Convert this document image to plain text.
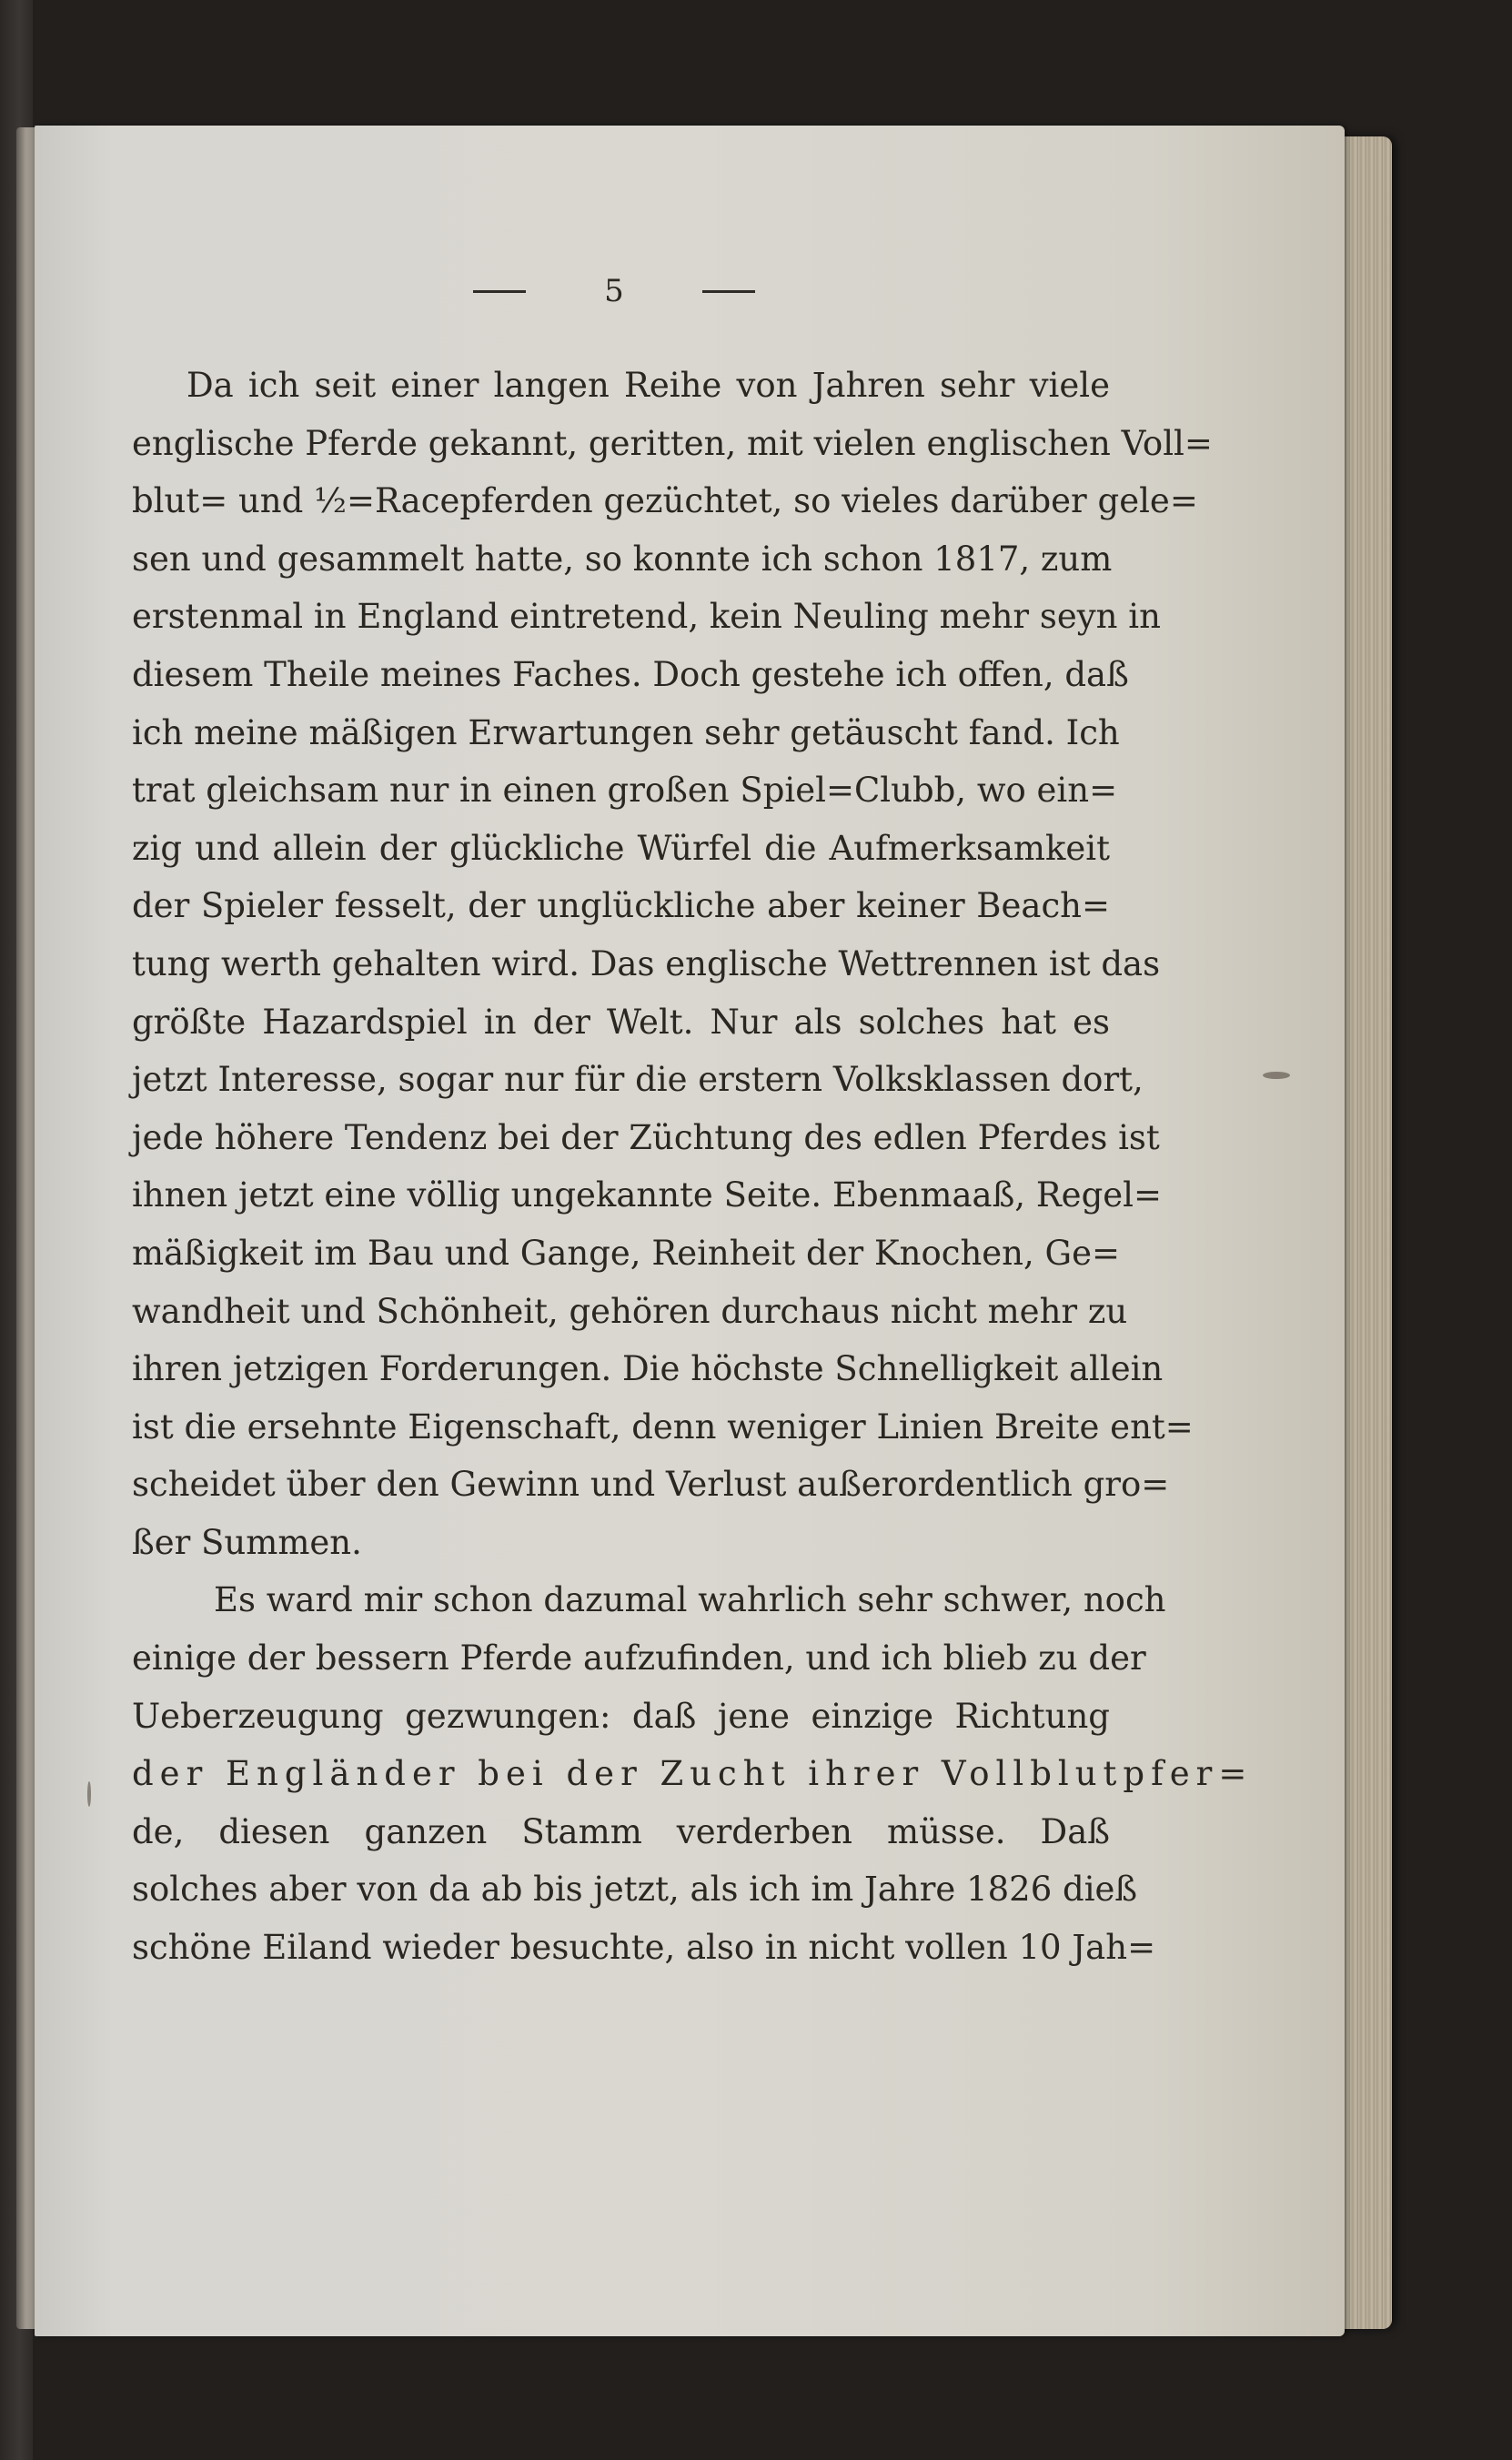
5
Da ich seit einer langen Reihe von Jahren sehr viele
englische Pferde gekannt, geritten, mit vielen englischen Voll=
blut= und ½=Racepferden gezüchtet, so vieles darüber gele=
sen und gesammelt hatte, so konnte ich schon 1817, zum
erstenmal in England eintretend, kein Neuling mehr seyn in
diesem Theile meines Faches. Doch gestehe ich offen, daß
ich meine mäßigen Erwartungen sehr getäuscht fand. Ich
trat gleichsam nur in einen großen Spiel=Clubb, wo ein=
zig und allein der glückliche Würfel die Aufmerksamkeit
der Spieler fesselt, der unglückliche aber keiner Beach=
tung werth gehalten wird. Das englische Wettrennen ist das
größte Hazardspiel in der Welt. Nur als solches hat es
jetzt Interesse, sogar nur für die erstern Volksklassen dort,
jede höhere Tendenz bei der Züchtung des edlen Pferdes ist
ihnen jetzt eine völlig ungekannte Seite. Ebenmaaß, Regel=
mäßigkeit im Bau und Gange, Reinheit der Knochen, Ge=
wandheit und Schönheit, gehören durchaus nicht mehr zu
ihren jetzigen Forderungen. Die höchste Schnelligkeit allein
ist die ersehnte Eigenschaft, denn weniger Linien Breite ent=
scheidet über den Gewinn und Verlust außerordentlich gro=
ßer Summen.
Es ward mir schon dazumal wahrlich sehr schwer, noch
einige der bessern Pferde aufzufinden, und ich blieb zu der
Ueberzeugung gezwungen: daß jene einzige Richtung
der Engländer bei der Zucht ihrer Vollblutpfer=
de, diesen ganzen Stamm verderben müsse. Daß
solches aber von da ab bis jetzt, als ich im Jahre 1826 dieß
schöne Eiland wieder besuchte, also in nicht vollen 10 Jah=
